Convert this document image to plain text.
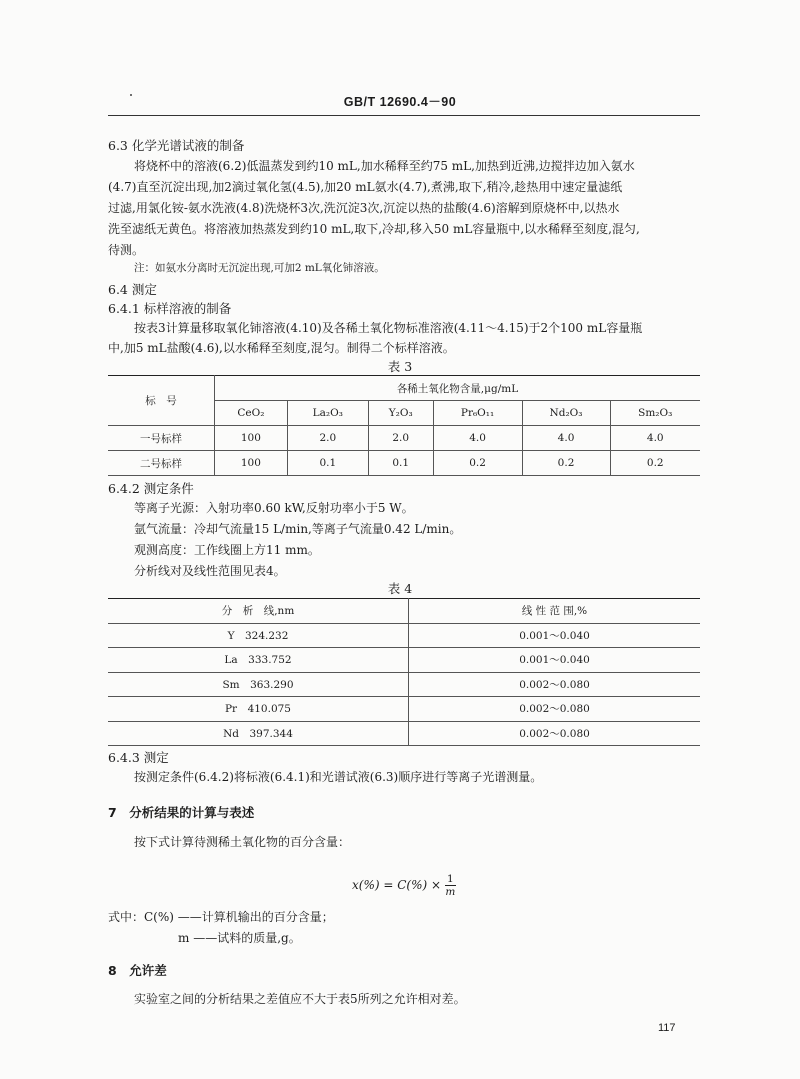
GB/T 12690.4－90
6.3 化学光谱试液的制备
将烧杯中的溶液(6.2)低温蒸发到约10 mL,加水稀释至约75 mL,加热到近沸,边搅拌边加入氨水
(4.7)直至沉淀出现,加2滴过氧化氢(4.5),加20 mL氨水(4.7),煮沸,取下,稍冷,趁热用中速定量滤纸
过滤,用氯化铵-氨水洗液(4.8)洗烧杯3次,洗沉淀3次,沉淀以热的盐酸(4.6)溶解到原烧杯中,以热水
洗至滤纸无黄色。将溶液加热蒸发到约10 mL,取下,冷却,移入50 mL容量瓶中,以水稀释至刻度,混匀,
待测。
注：如氨水分离时无沉淀出现,可加2 mL氧化铈溶液。
6.4 测定
6.4.1 标样溶液的制备
按表3计算量移取氧化铈溶液(4.10)及各稀土氧化物标准溶液(4.11～4.15)于2个100 mL容量瓶
中,加5 mL盐酸(4.6),以水稀释至刻度,混匀。制得二个标样溶液。
表 3
标　号	各稀土氧化物含量,μg/mL					
	CeO₂	La₂O₃	Y₂O₃	Pr₆O₁₁	Nd₂O₃	Sm₂O₃
一号标样	100	2.0	2.0	4.0	4.0	4.0
二号标样	100	0.1	0.1	0.2	0.2	0.2
6.4.2 测定条件
等离子光源：入射功率0.60 kW,反射功率小于5 W。
氩气流量：冷却气流量15 L/min,等离子气流量0.42 L/min。
观测高度：工作线圈上方11 mm。
分析线对及线性范围见表4。
表 4
分　析　线,nm	线 性 范 围,%
Y　324.232	0.001～0.040
La　333.752	0.001～0.040
Sm　363.290	0.002～0.080
Pr　410.075	0.002～0.080
Nd　397.344	0.002～0.080
6.4.3 测定
按测定条件(6.4.2)将标液(6.4.1)和光谱试液(6.3)顺序进行等离子光谱测量。
7　分析结果的计算与表述
按下式计算待测稀土氧化物的百分含量：
$x(\%) = C(\%) \times \frac{1}{m}$
式中：C(%) ——计算机输出的百分含量；
m ——试料的质量,g。
8　允许差
实验室之间的分析结果之差值应不大于表5所列之允许相对差。
117
